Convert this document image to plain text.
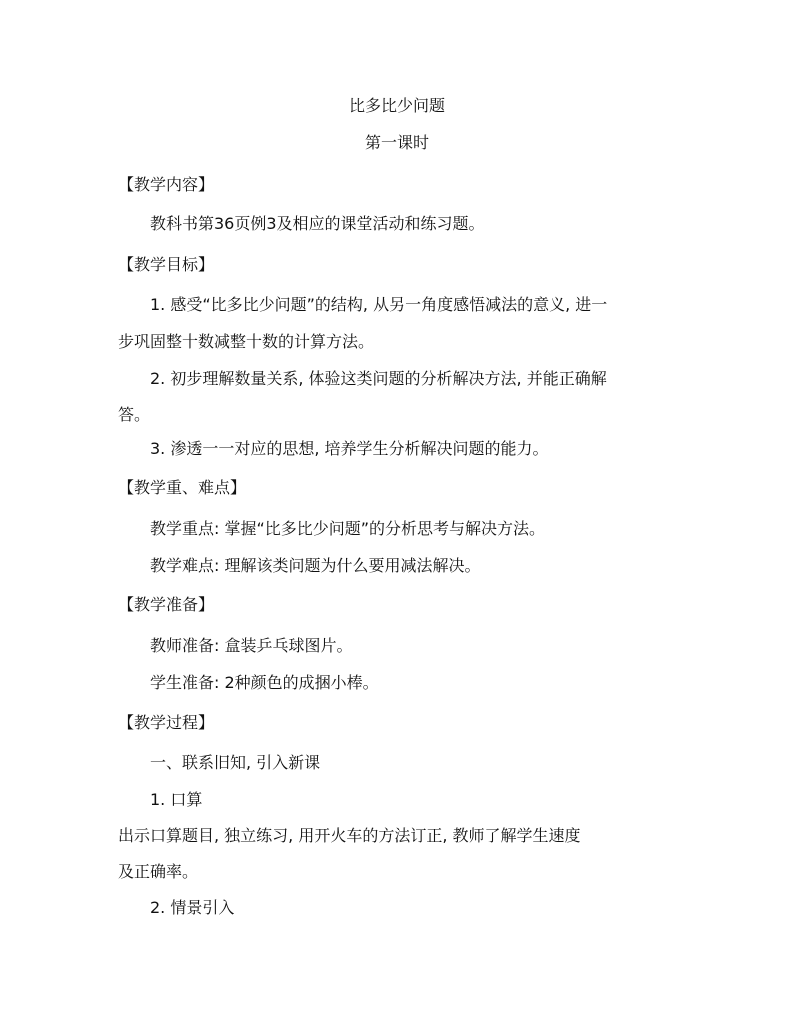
比多比少问题
第一课时
【教学内容】
教科书第36页例3及相应的课堂活动和练习题。
【教学目标】
1. 感受“比多比少问题”的结构, 从另一角度感悟减法的意义, 进一
步巩固整十数减整十数的计算方法。
2. 初步理解数量关系, 体验这类问题的分析解决方法, 并能正确解
答。
3. 渗透一一对应的思想, 培养学生分析解决问题的能力。
【教学重、难点】
教学重点: 掌握“比多比少问题”的分析思考与解决方法。
教学难点: 理解该类问题为什么要用减法解决。
【教学准备】
教师准备: 盒装乒乓球图片。
学生准备: 2种颜色的成捆小棒。
【教学过程】
一、联系旧知, 引入新课
1. 口算
出示口算题目, 独立练习, 用开火车的方法订正, 教师了解学生速度
及正确率。
2. 情景引入
